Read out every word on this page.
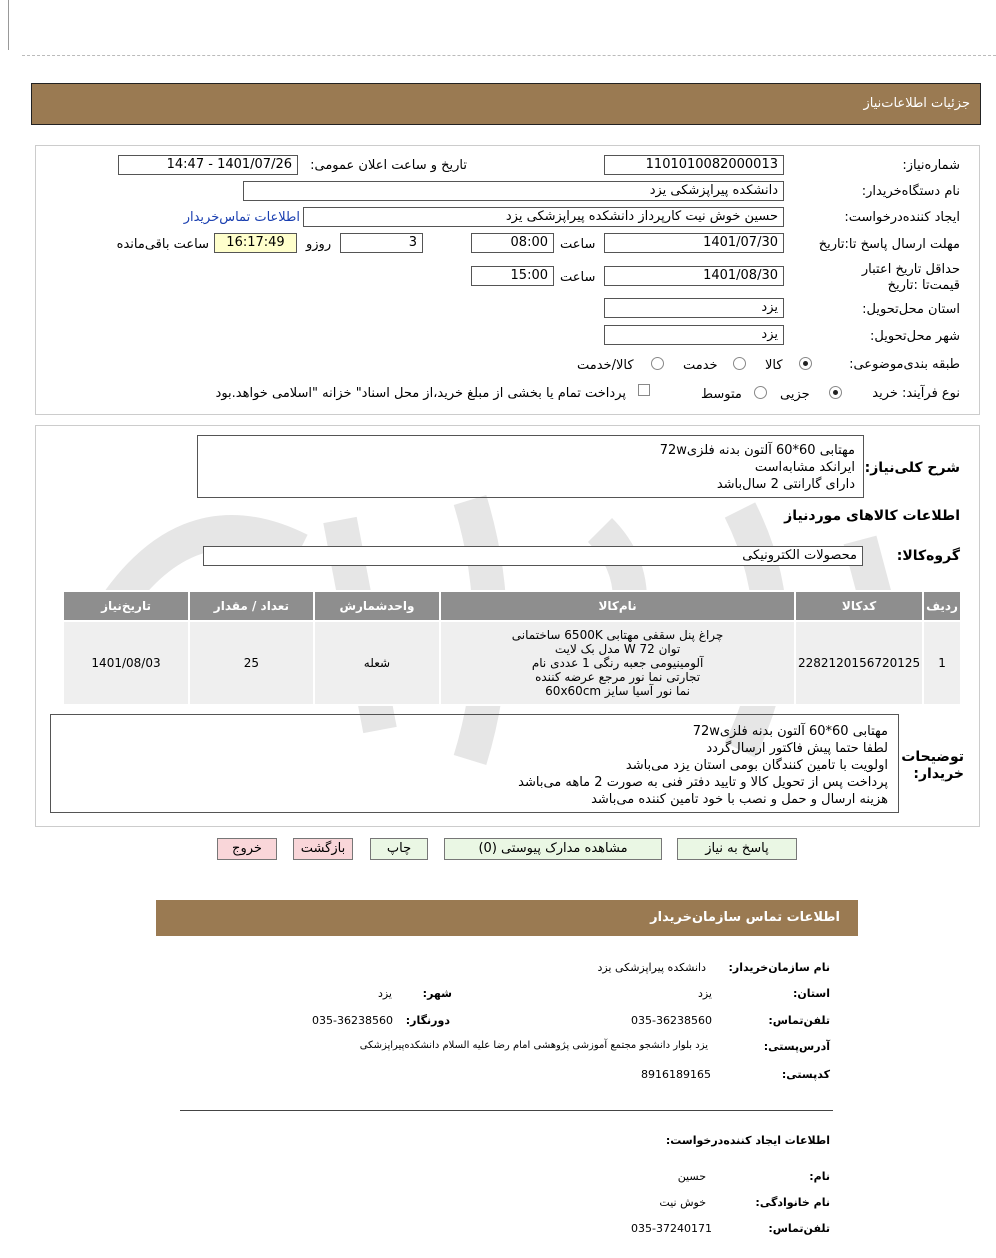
جزئیات اطلاعات‌نیاز
شماره‌نیاز:
1101010082000013
تاریخ و ساعت اعلان عمومی:
1401/07/26 - 14:47
نام دستگاه‌خریدار:
دانشکده پیراپزشکی یزد
ایجاد کننده‌درخواست:
حسین خوش نیت کارپرداز دانشکده پیراپزشکی یزد
اطلاعات تماس‌خریدار
مهلت ارسال پاسخ تا:تاریخ
1401/07/30
ساعت
08:00
3
روزو
16:17:49
ساعت باقی‌مانده
حداقل تاریخ اعتبار قیمت‌تا :تاریخ
1401/08/30
ساعت
15:00
استان محل‌تحویل:
یزد
شهر محل‌تحویل:
یزد
طبقه بندی‌موضوعی:
کالا
خدمت
کالا/خدمت
نوع فرآیند: خرید
جزیی
متوسط
پرداخت تمام یا بخشی از مبلغ خرید،از محل اسناد" خزانه "اسلامی خواهد.بود
شرح کلی‌نیاز:
مهتابی 60*60 آلتون بدنه فلزی72w
ایرانکد مشابه‌است
دارای گارانتی 2 سال‌باشد
اطلاعات کالاهای موردنیاز
گروه‌کالا:
محصولات الکترونیکی
تاریخ‌نیاز	تعداد / مقدار	واحدشمارش	نام‌کالا	کدکالا	ردیف
1401/08/03	25	شعله	چراغ پنل سقفی مهتابی 6500K ساختمانی
توان W 72 مدل بک لایت
آلومینیومی جعبه رنگی 1 عددی نام
تجارتی نما نور مرجع عرضه کننده
نما نور آسیا سایز 60x60cm	2282120156720125	1
توضیحات خریدار:
مهتابی 60*60 آلتون بدنه فلزی72w
لطفا حتما پیش فاکتور ارسال‌گردد
اولویت با تامین کنندگان بومی استان یزد می‌باشد
پرداخت پس از تحویل کالا و تایید دفتر فنی به صورت 2 ماهه می‌باشد
هزینه ارسال و حمل و نصب با خود تامین کننده می‌باشد
پاسخ به نیاز
مشاهده مدارک پیوستی (0)
چاپ
بازگشت
خروج
اطلاعات تماس سازمان‌خریدار
نام سازمان‌خریدار:
دانشکده پیراپزشکی یزد
استان:
یزد
شهر:
یزد
تلفن‌تماس:
035-36238560
دورنگار:
035-36238560
آدرس‌پستی:
یزد بلوار دانشجو مجتمع آموزشی پژوهشی امام رضا علیه السلام دانشکده‌پیراپزشکی
کدپستی:
8916189165
اطلاعات ایجاد کننده‌درخواست:
نام:
حسین
نام خانوادگی:
خوش نیت
تلفن‌تماس:
035-37240171
